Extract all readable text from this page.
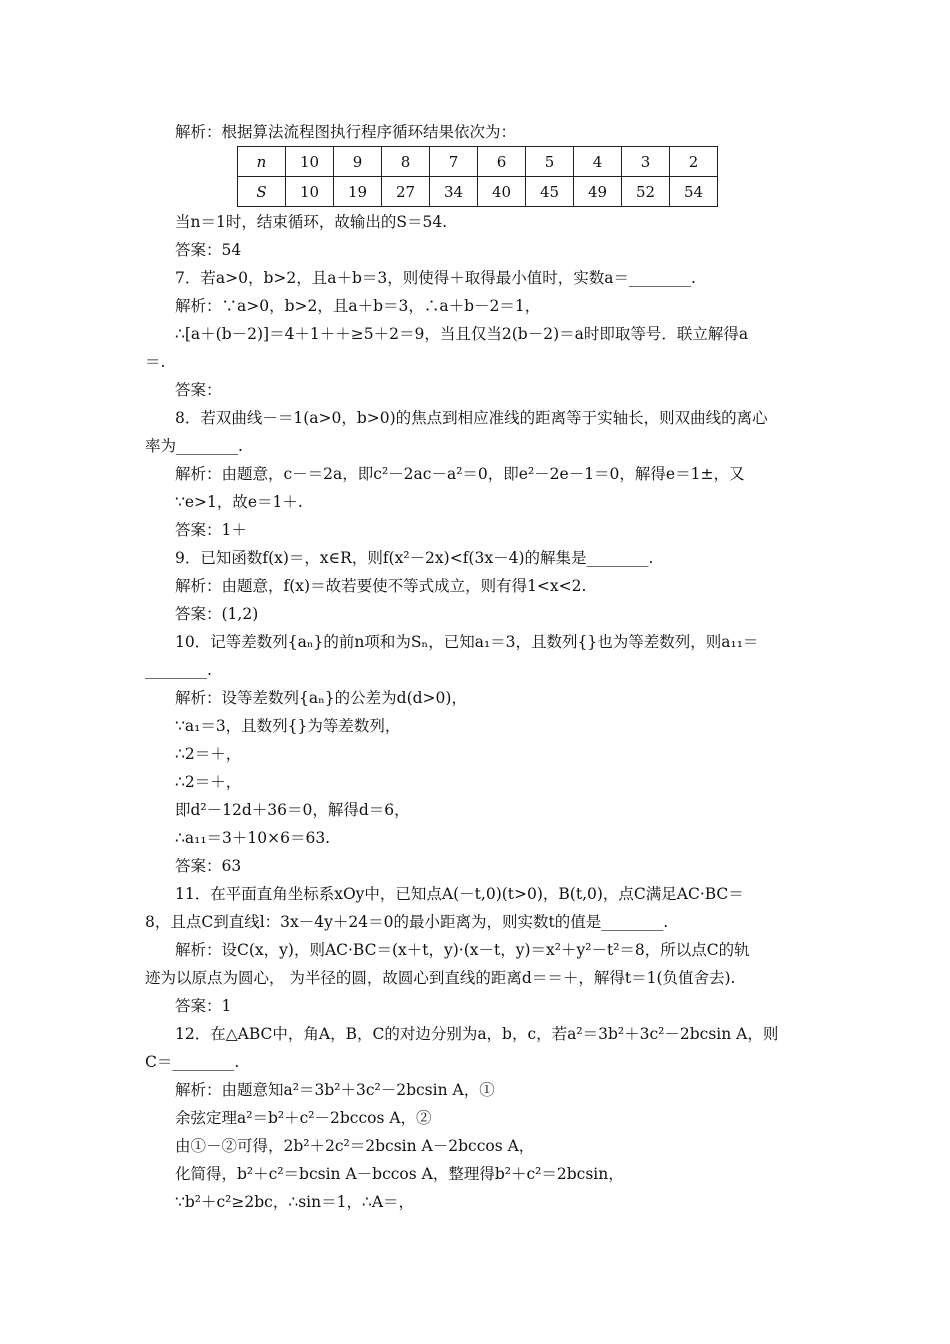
解析：根据算法流程图执行程序循环结果依次为：
当n＝1时，结束循环，故输出的S＝54.
答案：54
7．若a>0，b>2，且a＋b＝3，则使得＋取得最小值时，实数a＝________.
解析：∵a>0，b>2，且a＋b＝3，∴a＋b－2＝1，
∴[a＋(b－2)]＝4＋1＋＋≥5＋2＝9，当且仅当2(b－2)＝a时即取等号．联立解得a
＝.
答案：
8．若双曲线－＝1(a>0，b>0)的焦点到相应准线的距离等于实轴长，则双曲线的离心
率为________.
解析：由题意，c－＝2a，即c²－2ac－a²＝0，即e²－2e－1＝0，解得e＝1±，又
∵e>1，故e＝1＋.
答案：1＋
9．已知函数f(x)＝，x∈R，则f(x²－2x)<f(3x－4)的解集是________.
解析：由题意，f(x)＝故若要使不等式成立，则有得1<x<2.
答案：(1,2)
10．记等差数列{aₙ}的前n项和为Sₙ，已知a₁＝3，且数列{}也为等差数列，则a₁₁＝
________.
解析：设等差数列{aₙ}的公差为d(d>0)，
∵a₁＝3，且数列{}为等差数列，
∴2＝＋，
∴2＝＋，
即d²－12d＋36＝0，解得d＝6，
∴a₁₁＝3＋10×6＝63.
答案：63
11．在平面直角坐标系xOy中，已知点A(－t,0)(t>0)，B(t,0)，点C满足AC·BC＝
8，且点C到直线l：3x－4y＋24＝0的最小距离为，则实数t的值是________.
解析：设C(x，y)，则AC·BC＝(x＋t，y)·(x－t，y)＝x²＋y²－t²＝8，所以点C的轨
迹为以原点为圆心， 为半径的圆，故圆心到直线的距离d＝＝＋，解得t＝1(负值舍去).
答案：1
12．在△ABC中，角A，B，C的对边分别为a，b，c，若a²＝3b²＋3c²－2bcsin A，则
C＝________.
解析：由题意知a²＝3b²＋3c²－2bcsin A，①
余弦定理a²＝b²＋c²－2bccos A，②
由①－②可得，2b²＋2c²＝2bcsin A－2bccos A，
化简得，b²＋c²＝bcsin A－bccos A，整理得b²＋c²＝2bcsin，
∵b²＋c²≥2bc，∴sin＝1，∴A＝，
n	10	9	8	7	6	5	4	3	2
S	10	19	27	34	40	45	49	52	54
